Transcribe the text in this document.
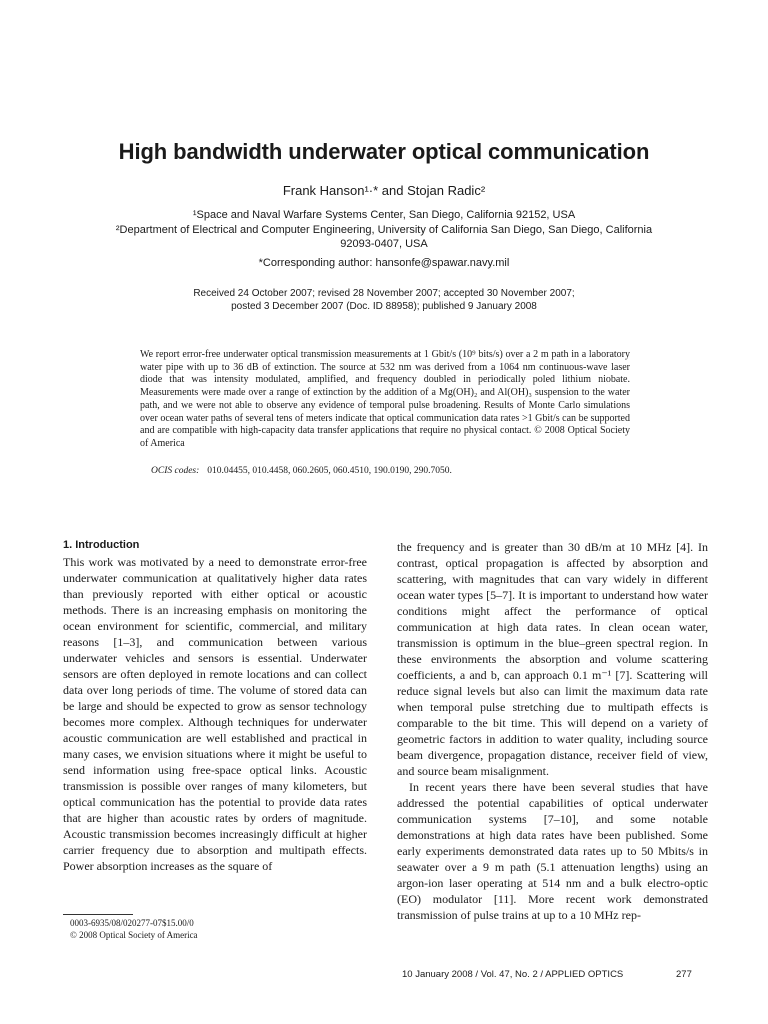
High bandwidth underwater optical communication
Frank Hanson¹·* and Stojan Radic²

¹Space and Naval Warfare Systems Center, San Diego, California 92152, USA

²Department of Electrical and Computer Engineering, University of California San Diego, San Diego, California 92093-0407, USA

*Corresponding author: hansonfe@spawar.navy.mil

Received 24 October 2007; revised 28 November 2007; accepted 30 November 2007;

posted 3 December 2007 (Doc. ID 88958); published 9 January 2008

We report error-free underwater optical transmission measurements at 1 Gbit/s (10⁹ bits/s) over a 2 m path in a laboratory water pipe with up to 36 dB of extinction. The source at 532 nm was derived from a 1064 nm continuous-wave laser diode that was intensity modulated, amplified, and frequency doubled in periodically poled lithium niobate. Measurements were made over a range of extinction by the addition of a Mg(OH)₂ and Al(OH)₃ suspension to the water path, and we were not able to observe any evidence of temporal pulse broadening. Results of Monte Carlo simulations over ocean water paths of several tens of meters indicate that optical communication data rates >1 Gbit/s can be supported and are compatible with high-capacity data transfer applications that require no physical contact. © 2008 Optical Society of America

OCIS codes: 010.04455, 010.4458, 060.2605, 060.4510, 190.0190, 290.7050.
1. Introduction

This work was motivated by a need to demonstrate error-free underwater communication at qualitatively higher data rates than previously reported with either optical or acoustic methods. There is an increasing emphasis on monitoring the ocean environment for scientific, commercial, and military reasons [1–3], and communication between various underwater vehicles and sensors is essential. Underwater sensors are often deployed in remote locations and can collect data over long periods of time. The volume of stored data can be large and should be expected to grow as sensor technology becomes more complex. Although techniques for underwater acoustic communication are well established and practical in many cases, we envision situations where it might be useful to send information using free-space optical links. Acoustic transmission is possible over ranges of many kilometers, but optical communication has the potential to provide data rates that are higher than acoustic rates by orders of magnitude. Acoustic transmission becomes increasingly difficult at higher carrier frequency due to absorption and multipath effects. Power absorption increases as the square of

the frequency and is greater than 30 dB/m at 10 MHz [4]. In contrast, optical propagation is affected by absorption and scattering, with magnitudes that can vary widely in different ocean water types [5–7]. It is important to understand how water conditions might affect the performance of optical communication at high data rates. In clean ocean water, transmission is optimum in the blue–green spectral region. In these environments the absorption and volume scattering coefficients, a and b, can approach 0.1 m⁻¹ [7]. Scattering will reduce signal levels but also can limit the maximum data rate when temporal pulse stretching due to multipath effects is comparable to the bit time. This will depend on a variety of geometric factors in addition to water quality, including source beam divergence, propagation distance, receiver field of view, and source beam misalignment.

In recent years there have been several studies that have addressed the potential capabilities of optical underwater communication systems [7–10], and some notable demonstrations at high data rates have been published. Some early experiments demonstrated data rates up to 50 Mbits/s in seawater over a 9 m path (5.1 attenuation lengths) using an argon-ion laser operating at 514 nm and a bulk electro-optic (EO) modulator [11]. More recent work demonstrated transmission of pulse trains at up to a 10 MHz rep-

0003-6935/08/020277-07$15.00/0

© 2008 Optical Society of America

10 January 2008 / Vol. 47, No. 2 / APPLIED OPTICS	277
